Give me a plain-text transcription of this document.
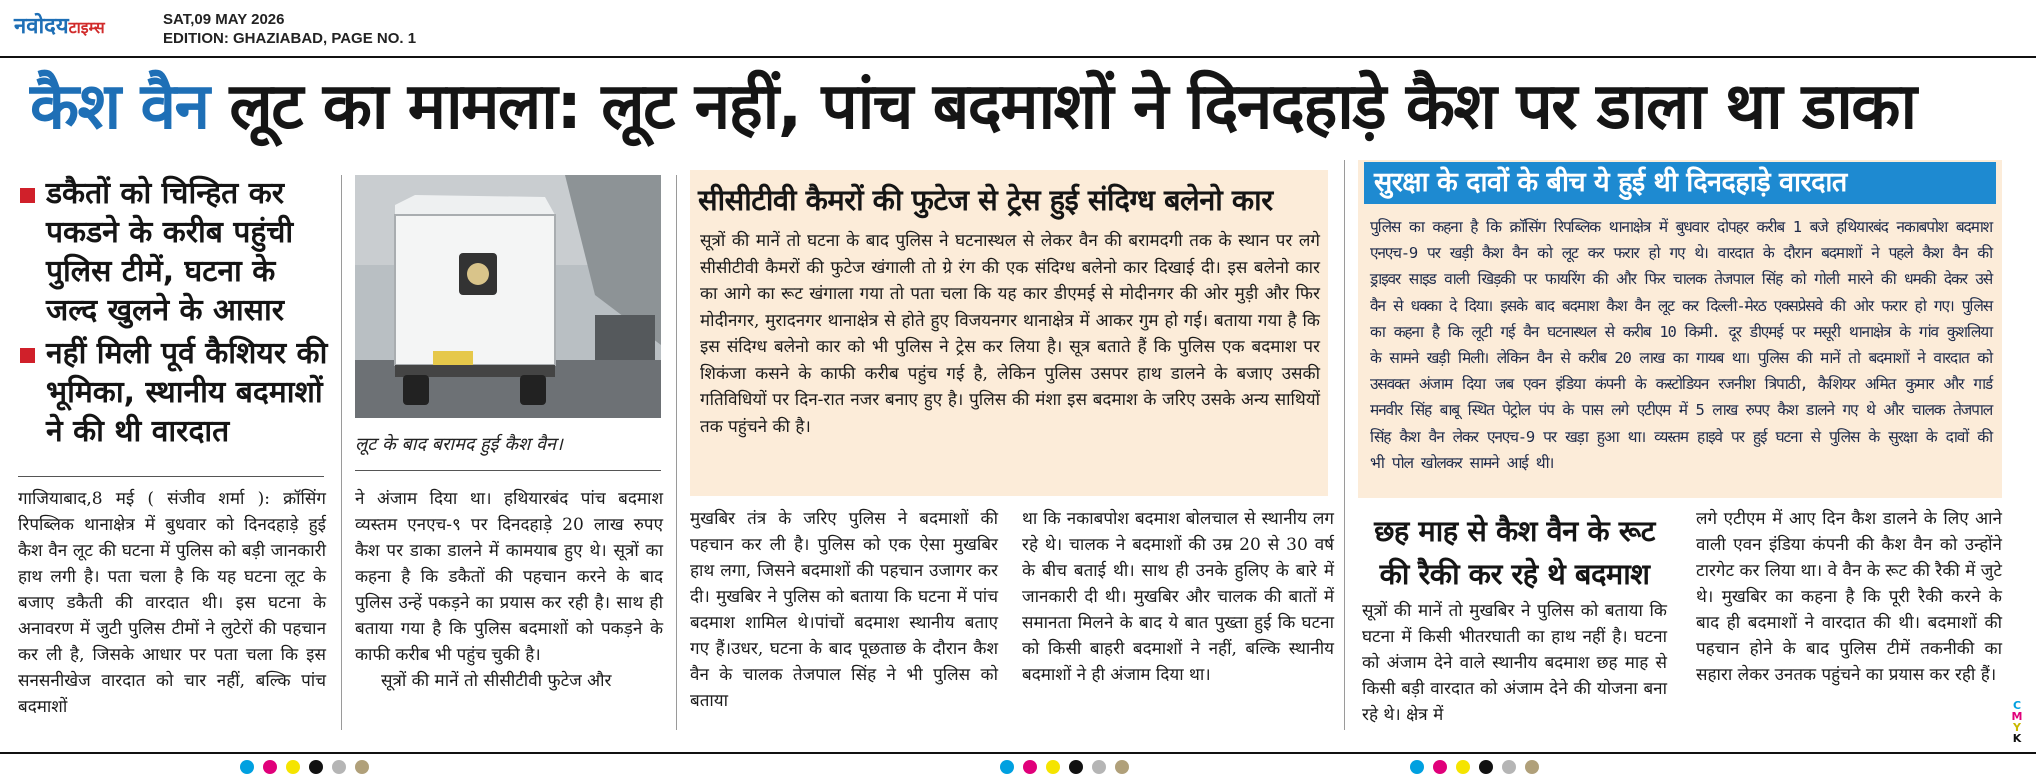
नवोदयटाइम्स	SAT,09 MAY 2026
EDITION: GHAZIABAD, PAGE NO. 1
कैश वैन लूट का मामला: लूट नहीं, पांच बदमाशों ने दिनदहाड़े कैश पर डाला था डाका
डकैतों को चिन्हित कर पकडने के करीब पहुंची पुलिस टीमें, घटना के जल्द खुलने के आसार
नहीं मिली पूर्व कैशियर की भूमिका, स्थानीय बदमाशों ने की थी वारदात	लूट के बाद बरामद हुई कैश वैन।
सीसीटीवी कैमरों की फुटेज से ट्रेस हुई संदिग्ध बलेनो कार
सूत्रों की मानें तो घटना के बाद पुलिस ने घटनास्थल से लेकर वैन की बरामदगी तक के स्थान पर लगे सीसीटीवी कैमरों की फुटेज खंगाली तो ग्रे रंग की एक संदिग्ध बलेनो कार दिखाई दी। इस बलेनो कार का आगे का रूट खंगाला गया तो पता चला कि यह कार डीएमई से मोदीनगर की ओर मुड़ी और फिर मोदीनगर, मुरादनगर थानाक्षेत्र से होते हुए विजयनगर थानाक्षेत्र में आकर गुम हो गई। बताया गया है कि इस संदिग्ध बलेनो कार को भी पुलिस ने ट्रेस कर लिया है। सूत्र बताते हैं कि पुलिस एक बदमाश पर शिकंजा कसने के काफी करीब पहुंच गई है, लेकिन पुलिस उसपर हाथ डालने के बजाए उसकी गतिविधियों पर दिन-रात नजर बनाए हुए है। पुलिस की मंशा इस बदमाश के जरिए उसके अन्य साथियों तक पहुंचने की है।
सुरक्षा के दावों के बीच ये हुई थी दिनदहाड़े वारदात
पुलिस का कहना है कि क्रॉसिंग रिपब्लिक थानाक्षेत्र में बुधवार दोपहर करीब 1 बजे हथियारबंद नकाबपोश बदमाश एनएच-9 पर खड़ी कैश वैन को लूट कर फरार हो गए थे। वारदात के दौरान बदमाशों ने पहले कैश वैन की ड्राइवर साइड वाली खिड़की पर फायरिंग की और फिर चालक तेजपाल सिंह को गोली मारने की धमकी देकर उसे वैन से धक्का दे दिया। इसके बाद बदमाश कैश वैन लूट कर दिल्ली-मेरठ एक्सप्रेसवे की ओर फरार हो गए। पुलिस का कहना है कि लूटी गई वैन घटनास्थल से करीब 10 किमी. दूर डीएमई पर मसूरी थानाक्षेत्र के गांव कुशलिया के सामने खड़ी मिली। लेकिन वैन से करीब 20 लाख का गायब था। पुलिस की मानें तो बदमाशों ने वारदात को उसवक्त अंजाम दिया जब एवन इंडिया कंपनी के कस्टोडियन रजनीश त्रिपाठी, कैशियर अमित कुमार और गार्ड मनवीर सिंह बाबू स्थित पेट्रोल पंप के पास लगे एटीएम में 5 लाख रुपए कैश डालने गए थे और चालक तेजपाल सिंह कैश वैन लेकर एनएच-9 पर खड़ा हुआ था। व्यस्तम हाइवे पर हुई घटना से पुलिस के सुरक्षा के दावों की भी पोल खोलकर सामने आई थी।
गाजियाबाद,8 मई ( संजीव शर्मा ): क्रॉसिंग रिपब्लिक थानाक्षेत्र में बुधवार को दिनदहाड़े हुई कैश वैन लूट की घटना में पुलिस को बड़ी जानकारी हाथ लगी है। पता चला है कि यह घटना लूट के बजाए डकैती की वारदात थी। इस घटना के अनावरण में जुटी पुलिस टीमों ने लुटेरों की पहचान कर ली है, जिसके आधार पर पता चला कि इस सनसनीखेज वारदात को चार नहीं, बल्कि पांच बदमाशों
ने अंजाम दिया था। हथियारबंद पांच बदमाश व्यस्तम एनएच-९ पर दिनदहाड़े 20 लाख रुपए कैश पर डाका डालने में कामयाब हुए थे। सूत्रों का कहना है कि डकैतों की पहचान करने के बाद पुलिस उन्हें पकड़ने का प्रयास कर रही है। साथ ही बताया गया है कि पुलिस बदमाशों को पकड़ने के काफी करीब भी पहुंच चुकी है।
सूत्रों की मानें तो सीसीटीवी फुटेज और
मुखबिर तंत्र के जरिए पुलिस ने बदमाशों की पहचान कर ली है। पुलिस को एक ऐसा मुखबिर हाथ लगा, जिसने बदमाशों की पहचान उजागर कर दी। मुखबिर ने पुलिस को बताया कि घटना में पांच बदमाश शामिल थे।पांचों बदमाश स्थानीय बताए गए हैं।उधर, घटना के बाद पूछताछ के दौरान कैश वैन के चालक तेजपाल सिंह ने भी पुलिस को बताया
था कि नकाबपोश बदमाश बोलचाल से स्थानीय लग रहे थे। चालक ने बदमाशों की उम्र 20 से 30 वर्ष के बीच बताई थी। साथ ही उनके हुलिए के बारे में जानकारी दी थी। मुखबिर और चालक की बातों में समानता मिलने के बाद ये बात पुख्ता हुई कि घटना को किसी बाहरी बदमाशों ने नहीं, बल्कि स्थानीय बदमाशों ने ही अंजाम दिया था।
छह माह से कैश वैन के रूट की रैकी कर रहे थे बदमाश
सूत्रों की मानें तो मुखबिर ने पुलिस को बताया कि घटना में किसी भीतरघाती का हाथ नहीं है। घटना को अंजाम देने वाले स्थानीय बदमाश छह माह से किसी बड़ी वारदात को अंजाम देने की योजना बना रहे थे। क्षेत्र में
लगे एटीएम में आए दिन कैश डालने के लिए आने वाली एवन इंडिया कंपनी की कैश वैन को उन्होंने टारगेट कर लिया था। वे वैन के रूट की रैकी में जुटे थे। मुखबिर का कहना है कि पूरी रैकी करने के बाद ही बदमाशों ने वारदात की थी। बदमाशों की पहचान होने के बाद पुलिस टीमें तकनीकी का सहारा लेकर उनतक पहुंचने का प्रयास कर रही हैं।
C
M
Y
K
